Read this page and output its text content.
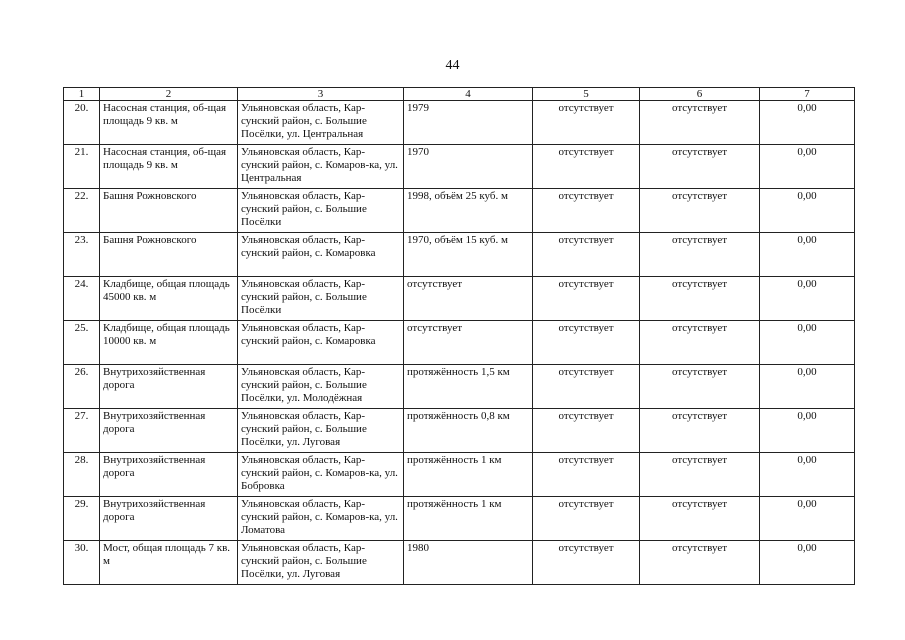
44
1	2	3	4	5	6	7
20.	Насосная станция, об-щая площадь 9 кв. м	Ульяновская область, Кар-сунский район, с. Большие Посёлки, ул. Центральная	1979	отсутствует	отсутствует	0,00
21.	Насосная станция, об-щая площадь 9 кв. м	Ульяновская область, Кар-сунский район, с. Комаров-ка, ул. Центральная	1970	отсутствует	отсутствует	0,00
22.	Башня Рожновского	Ульяновская область, Кар-сунский район, с. Большие Посёлки	1998, объём 25 куб. м	отсутствует	отсутствует	0,00
23.	Башня Рожновского	Ульяновская область, Кар-сунский район, с. Комаровка	1970, объём 15 куб. м	отсутствует	отсутствует	0,00
24.	Кладбище, общая площадь 45000 кв. м	Ульяновская область, Кар-сунский район, с. Большие Посёлки	отсутствует	отсутствует	отсутствует	0,00
25.	Кладбище, общая площадь 10000 кв. м	Ульяновская область, Кар-сунский район, с. Комаровка	отсутствует	отсутствует	отсутствует	0,00
26.	Внутрихозяйственная дорога	Ульяновская область, Кар-сунский район, с. Большие Посёлки, ул. Молодёжная	протяжённость 1,5 км	отсутствует	отсутствует	0,00
27.	Внутрихозяйственная дорога	Ульяновская область, Кар-сунский район, с. Большие Посёлки, ул. Луговая	протяжённость 0,8 км	отсутствует	отсутствует	0,00
28.	Внутрихозяйственная дорога	Ульяновская область, Кар-сунский район, с. Комаров-ка, ул. Бобровка	протяжённость 1 км	отсутствует	отсутствует	0,00
29.	Внутрихозяйственная дорога	Ульяновская область, Кар-сунский район, с. Комаров-ка, ул. Ломатова	протяжённость 1 км	отсутствует	отсутствует	0,00
30.	Мост, общая площадь 7 кв. м	Ульяновская область, Кар-сунский район, с. Большие Посёлки, ул. Луговая	1980	отсутствует	отсутствует	0,00
